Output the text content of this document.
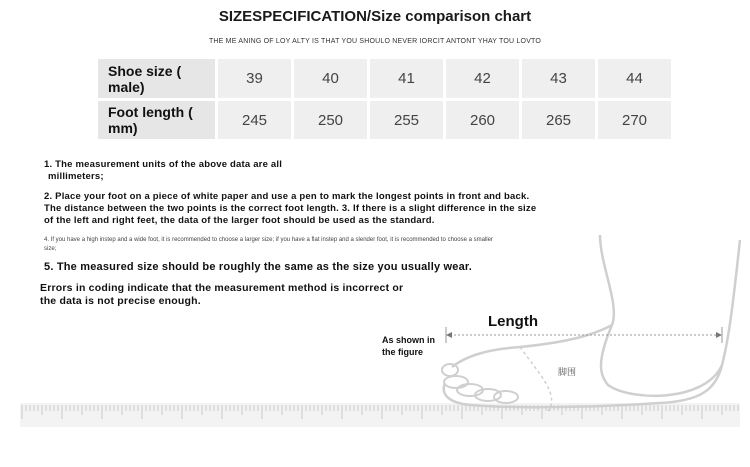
SIZESPECIFICATION/Size comparison chart
THE ME ANING OF LOY ALTY IS THAT YOU SHOULO NEVER IORCIT ANTONT YHAY TOU LOVTO
Shoe size ( male)	39	40	41	42	43	44
Foot length ( mm)	245	250	255	260	265	270
1. The measurement units of the above data are all
millimeters;
2. Place your foot on a piece of white paper and use a pen to mark the longest points in front and back.
The distance between the two points is the correct foot length. 3. If there is a slight difference in the size
of the left and right feet, the data of the larger foot should be used as the standard.
4. If you have a high instep and a wide foot, it is recommended to choose a larger size; if you have a flat instep and a slender foot, it is recommended to choose a smaller
size;
5. The measured size should be roughly the same as the size you usually wear.
Errors in coding indicate that the measurement method is incorrect or
the data is not precise enough.
Length
As shown in
the figure
脚围
